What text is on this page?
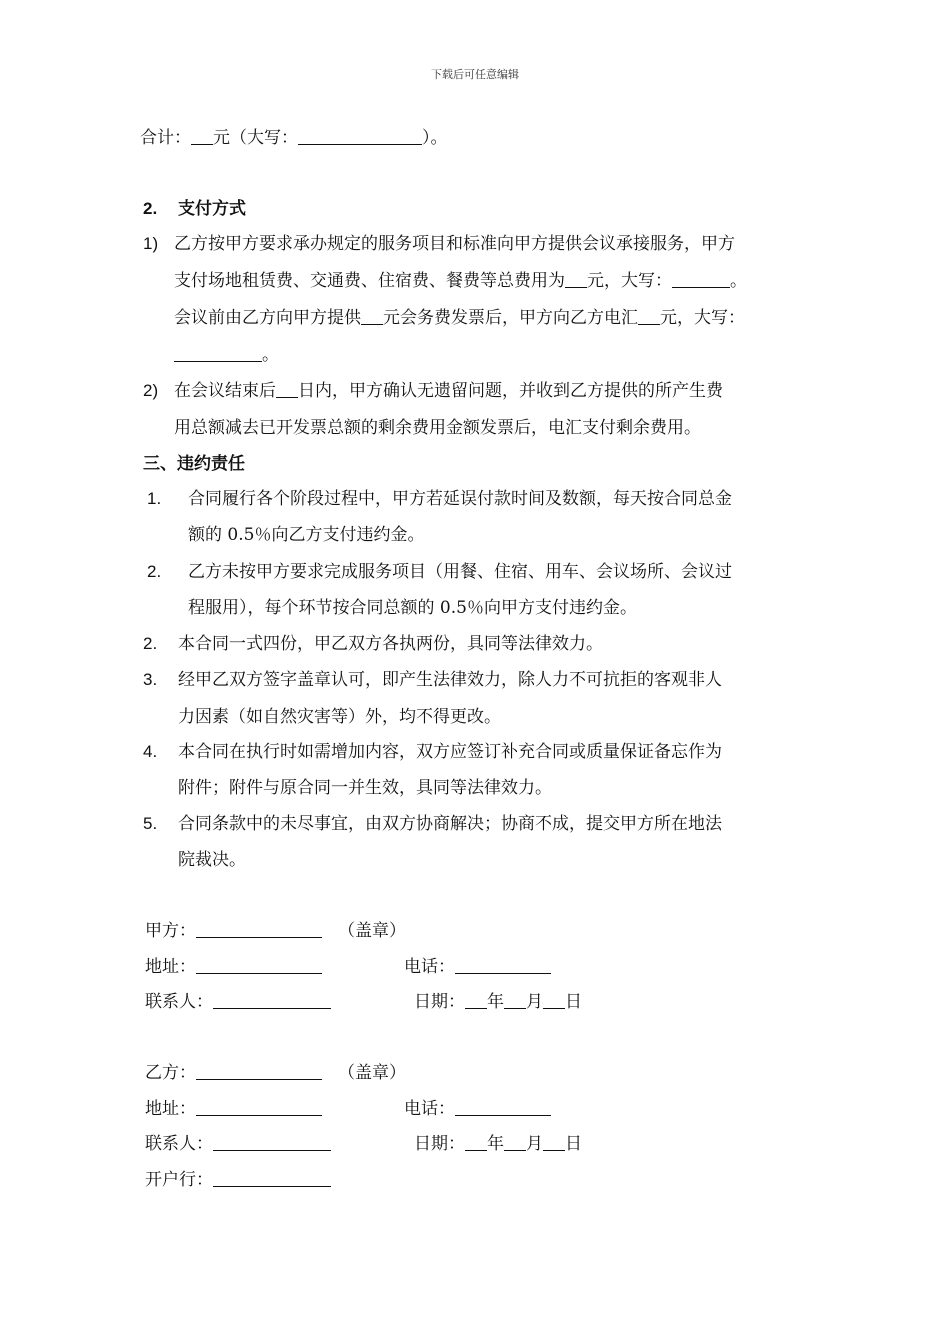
下载后可任意编辑
合计： 元（大写：	）。
2. 支付方式
1) 乙方按甲方要求承办规定的服务项目和标准向甲方提供会议承接服务，甲方
支付场地租赁费、交通费、住宿费、餐费等总费用为 元，大写：	。
会议前由乙方向甲方提供 元会务费发票后，甲方向乙方电汇 元，大写：
。
2) 在会议结束后 日内，甲方确认无遗留问题，并收到乙方提供的所产生费
用总额减去已开发票总额的剩余费用金额发票后，电汇支付剩余费用。
三、违约责任
1. 合同履行各个阶段过程中，甲方若延误付款时间及数额，每天按合同总金
额的 0.5％向乙方支付违约金。
2. 乙方未按甲方要求完成服务项目（用餐、住宿、用车、会议场所、会议过
程服用），每个环节按合同总额的 0.5％向甲方支付违约金。
2. 本合同一式四份，甲乙双方各执两份，具同等法律效力。
3. 经甲乙双方签字盖章认可，即产生法律效力，除人力不可抗拒的客观非人
力因素（如自然灾害等）外，均不得更改。
4. 本合同在执行时如需增加内容，双方应签订补充合同或质量保证备忘作为
附件；附件与原合同一并生效，具同等法律效力。
5. 合同条款中的未尽事宜，由双方协商解决；协商不成，提交甲方所在地法
院裁决。
甲方：	（盖章）
地址：	电话：
联系人：	日期： 年 月 日
乙方：	（盖章）
地址：	电话：
联系人：	日期： 年 月 日
开户行：
